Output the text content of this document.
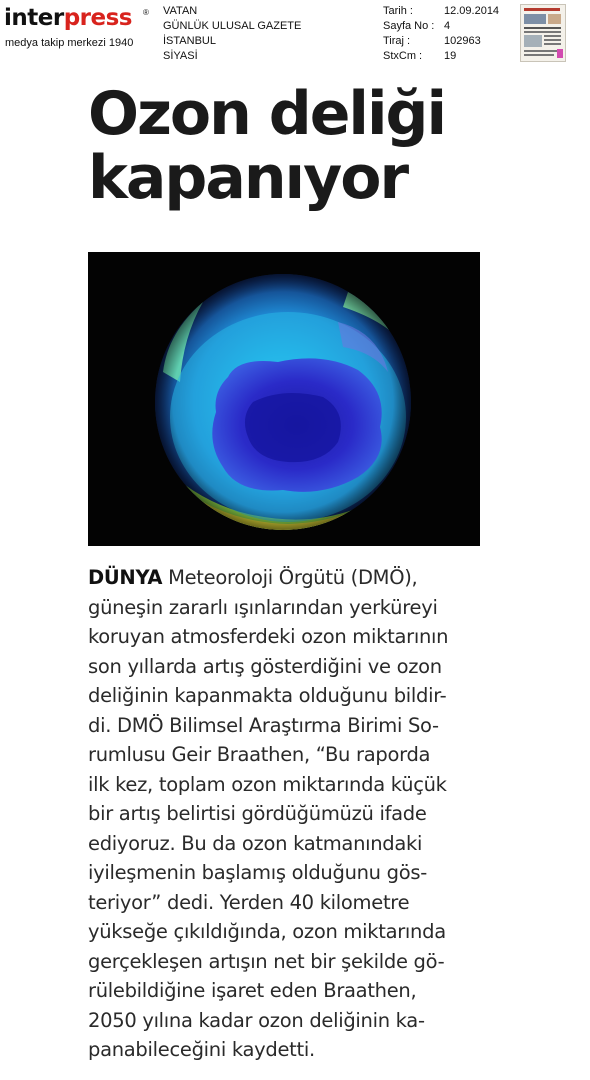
interpress ®
medya takip merkezi 1940
VATAN
GÜNLÜK ULUSAL GAZETE
İSTANBUL
SİYASİ
Tarih :	12.09.2014
Sayfa No : 4
Tiraj :	102963
StxCm : 19
Ozon deliği
kapanıyor
DÜNYA Meteoroloji Örgütü (DMÖ),
güneşin zararlı ışınlarından yerküreyi
koruyan atmosferdeki ozon miktarının
son yıllarda artış gösterdiğini ve ozon
deliğinin kapanmakta olduğunu bildir-
di. DMÖ Bilimsel Araştırma Birimi So-
rumlusu Geir Braathen, “Bu raporda
ilk kez, toplam ozon miktarında küçük
bir artış belirtisi gördüğümüzü ifade
ediyoruz. Bu da ozon katmanındaki
iyileşmenin başlamış olduğunu gös-
teriyor” dedi. Yerden 40 kilometre
yükseğe çıkıldığında, ozon miktarında
gerçekleşen artışın net bir şekilde gö-
rülebildiğine işaret eden Braathen,
2050 yılına kadar ozon deliğinin ka-
panabileceğini kaydetti.
